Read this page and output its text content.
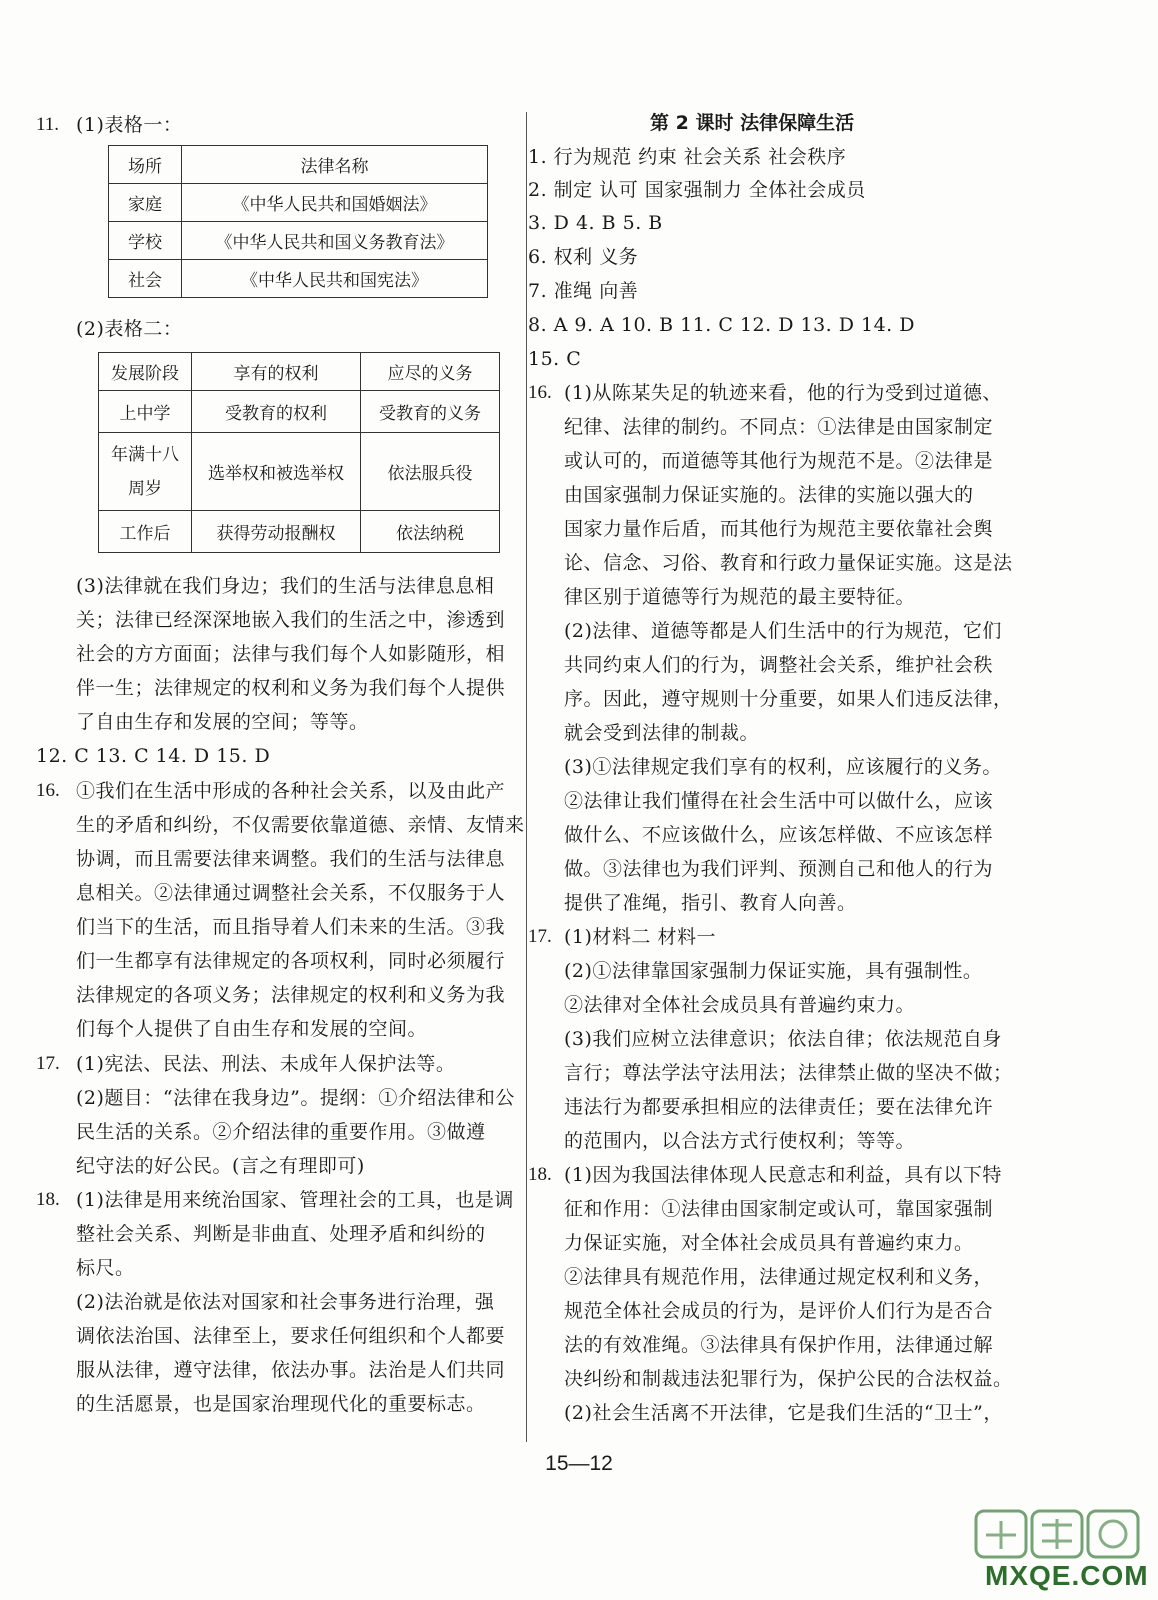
11. (1)表格一：
场所	法律名称
家庭	《中华人民共和国婚姻法》
学校	《中华人民共和国义务教育法》
社会	《中华人民共和国宪法》
(2)表格二：
发展阶段	享有的权利	应尽的义务
上中学	受教育的权利	受教育的义务
年满十八
周岁	选举权和被选举权	依法服兵役
工作后	获得劳动报酬权	依法纳税
(3)法律就在我们身边；我们的生活与法律息息相
关；法律已经深深地嵌入我们的生活之中，渗透到
社会的方方面面；法律与我们每个人如影随形，相
伴一生；法律规定的权利和义务为我们每个人提供
了自由生存和发展的空间；等等。
12. C 13. C 14. D 15. D
16. ①我们在生活中形成的各种社会关系，以及由此产
生的矛盾和纠纷，不仅需要依靠道德、亲情、友情来
协调，而且需要法律来调整。我们的生活与法律息
息相关。②法律通过调整社会关系，不仅服务于人
们当下的生活，而且指导着人们未来的生活。③我
们一生都享有法律规定的各项权利，同时必须履行
法律规定的各项义务；法律规定的权利和义务为我
们每个人提供了自由生存和发展的空间。
17. (1)宪法、民法、刑法、未成年人保护法等。
(2)题目：“法律在我身边”。提纲：①介绍法律和公
民生活的关系。②介绍法律的重要作用。③做遵
纪守法的好公民。(言之有理即可)
18. (1)法律是用来统治国家、管理社会的工具，也是调
整社会关系、判断是非曲直、处理矛盾和纠纷的
标尺。
(2)法治就是依法对国家和社会事务进行治理，强
调依法治国、法律至上，要求任何组织和个人都要
服从法律，遵守法律，依法办事。法治是人们共同
的生活愿景，也是国家治理现代化的重要标志。
第 2 课时 法律保障生活
1. 行为规范 约束 社会关系 社会秩序
2. 制定 认可 国家强制力 全体社会成员
3. D 4. B 5. B
6. 权利 义务
7. 准绳 向善
8. A 9. A 10. B 11. C 12. D 13. D 14. D
15. C
16. (1)从陈某失足的轨迹来看，他的行为受到过道德、
纪律、法律的制约。不同点：①法律是由国家制定
或认可的，而道德等其他行为规范不是。②法律是
由国家强制力保证实施的。法律的实施以强大的
国家力量作后盾，而其他行为规范主要依靠社会舆
论、信念、习俗、教育和行政力量保证实施。这是法
律区别于道德等行为规范的最主要特征。
(2)法律、道德等都是人们生活中的行为规范，它们
共同约束人们的行为，调整社会关系，维护社会秩
序。因此，遵守规则十分重要，如果人们违反法律，
就会受到法律的制裁。
(3)①法律规定我们享有的权利，应该履行的义务。
②法律让我们懂得在社会生活中可以做什么，应该
做什么、不应该做什么，应该怎样做、不应该怎样
做。③法律也为我们评判、预测自己和他人的行为
提供了准绳，指引、教育人向善。
17. (1)材料二 材料一
(2)①法律靠国家强制力保证实施，具有强制性。
②法律对全体社会成员具有普遍约束力。
(3)我们应树立法律意识；依法自律；依法规范自身
言行；尊法学法守法用法；法律禁止做的坚决不做；
违法行为都要承担相应的法律责任；要在法律允许
的范围内，以合法方式行使权利；等等。
18. (1)因为我国法律体现人民意志和利益，具有以下特
征和作用：①法律由国家制定或认可，靠国家强制
力保证实施，对全体社会成员具有普遍约束力。
②法律具有规范作用，法律通过规定权利和义务，
规范全体社会成员的行为，是评价人们行为是否合
法的有效准绳。③法律具有保护作用，法律通过解
决纠纷和制裁违法犯罪行为，保护公民的合法权益。
(2)社会生活离不开法律，它是我们生活的“卫士”，
15—12
MXQE.COM
